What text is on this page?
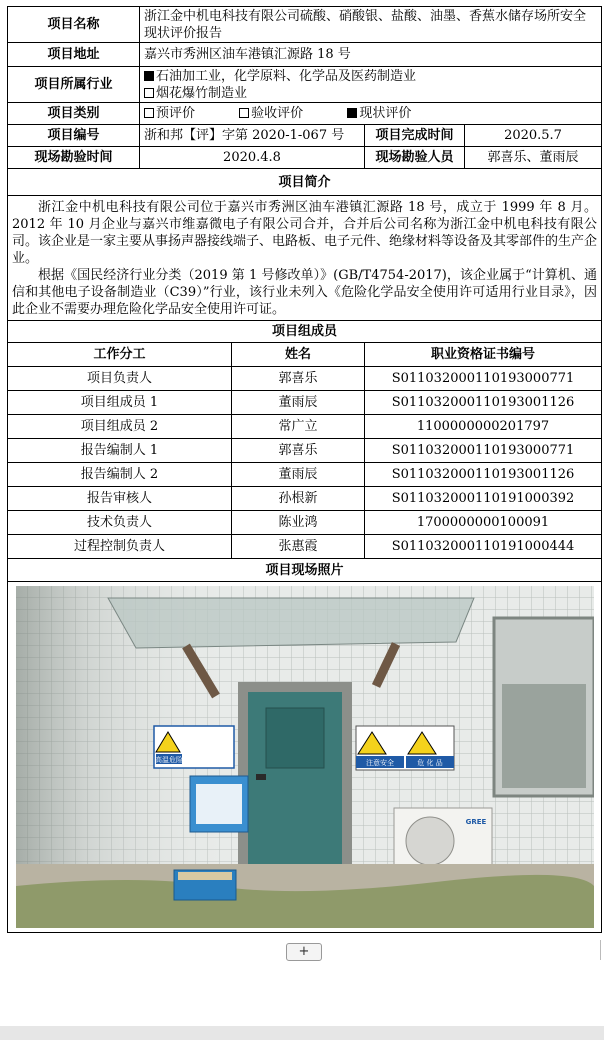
项目名称	浙江金中机电科技有限公司硫酸、硝酸银、盐酸、油墨、香蕉水储存场所安全现状评价报告		
项目地址	嘉兴市秀洲区油车港镇汇源路 18 号		
项目所属行业	石油加工业，化学原料、化学品及医药制造业
烟花爆竹制造业		

项目类别	预评价 验收评价 现状评价		
项目编号	浙和邦【评】字第 2020-1-067 号	项目完成时间	2020.5.7
现场勘验时间	2020.4.8	现场勘验人员	郭喜乐、董雨辰
项目简介			

浙江金中机电科技有限公司位于嘉兴市秀洲区油车港镇汇源路 18 号，成立于 1999 年 8 月。2012 年 10 月企业与嘉兴市维嘉微电子有限公司合并，合并后公司名称为浙江金中机电科技有限公司。该企业是一家主要从事扬声器接线端子、电路板、电子元件、绝缘材料等设备及其零部件的生产企业。

根据《国民经济行业分类（2019 第 1 号修改单）》(GB/T4754-2017)，该企业属于“计算机、通信和其他电子设备制造业（C39）”行业，该行业未列入《危险化学品安全使用许可适用行业目录》，因此企业不需要办理危险化学品安全使用许可证。			

项目组成员		
工作分工	姓名	职业资格证书编号
项目负责人	郭喜乐	S011032000110193000771
项目组成员 1	董雨辰	S011032000110193001126
项目组成员 2	常广立	1100000000201797
报告编制人 1	郭喜乐	S011032000110193000771
报告编制人 2	董雨辰	S011032000110193001126
报告审核人	孙根新	S011032000110191000392
技术负责人	陈业鸿	1700000000100091
过程控制负责人	张惠霞	S011032000110191000444
项目现场照片		

高温危险 注意安全 危 化 品
GREE		
+
